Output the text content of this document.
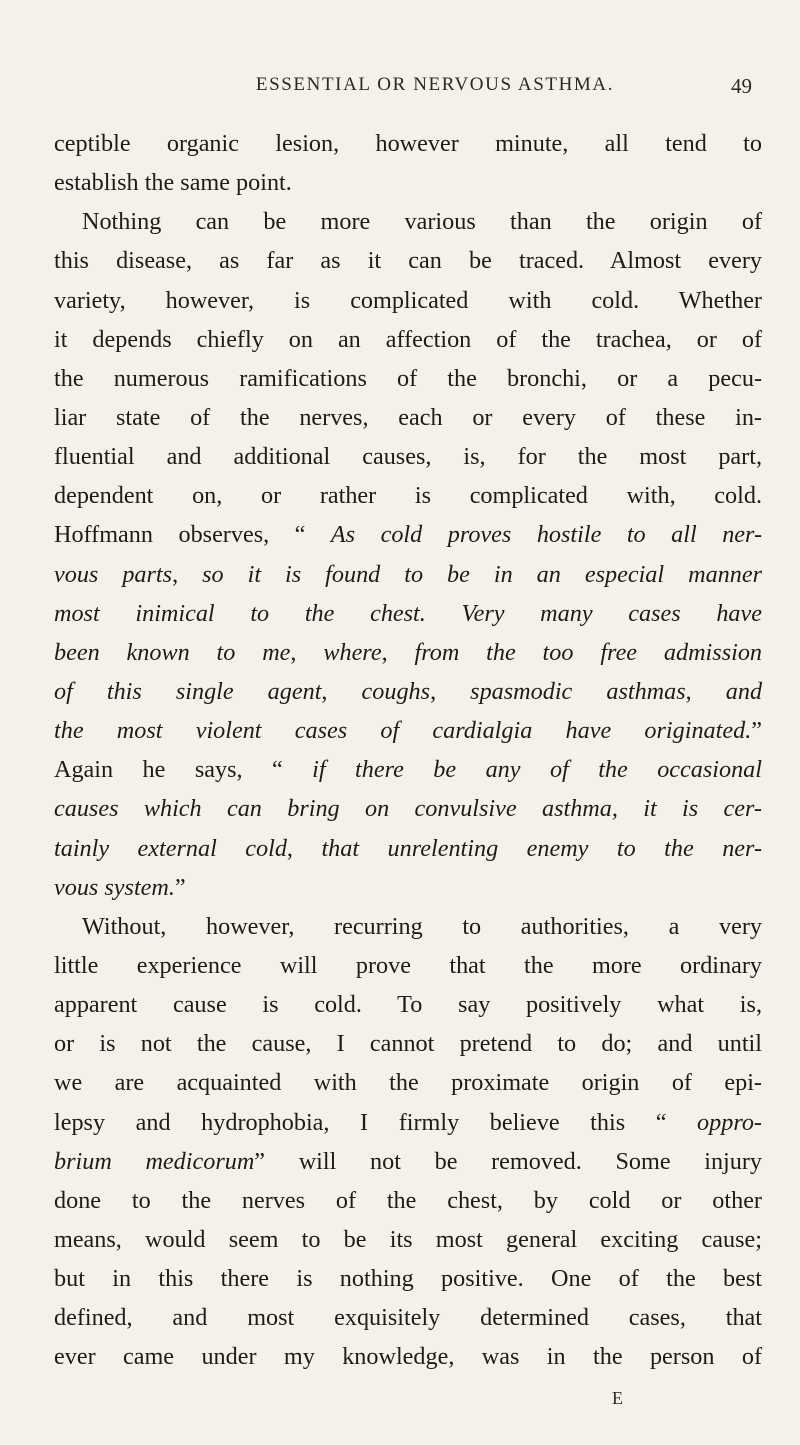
ESSENTIAL OR NERVOUS ASTHMA.	49
ceptible organic lesion, however minute, all tend to
establish the same point.
Nothing can be more various than the origin of
this disease, as far as it can be traced. Almost every
variety, however, is complicated with cold. Whether
it depends chiefly on an affection of the trachea, or of
the numerous ramifications of the bronchi, or a pecu-
liar state of the nerves, each or every of these in-
fluential and additional causes, is, for the most part,
dependent on, or rather is complicated with, cold.
Hoffmann observes, “ As cold proves hostile to all ner-
vous parts, so it is found to be in an especial manner
most inimical to the chest. Very many cases have
been known to me, where, from the too free admission
of this single agent, coughs, spasmodic asthmas, and
the most violent cases of cardialgia have originated.”
Again he says, “ if there be any of the occasional
causes which can bring on convulsive asthma, it is cer-
tainly external cold, that unrelenting enemy to the ner-
vous system.”
Without, however, recurring to authorities, a very
little experience will prove that the more ordinary
apparent cause is cold. To say positively what is,
or is not the cause, I cannot pretend to do; and until
we are acquainted with the proximate origin of epi-
lepsy and hydrophobia, I firmly believe this “ oppro-
brium medicorum” will not be removed. Some injury
done to the nerves of the chest, by cold or other
means, would seem to be its most general exciting cause;
but in this there is nothing positive. One of the best
defined, and most exquisitely determined cases, that
ever came under my knowledge, was in the person of
E
